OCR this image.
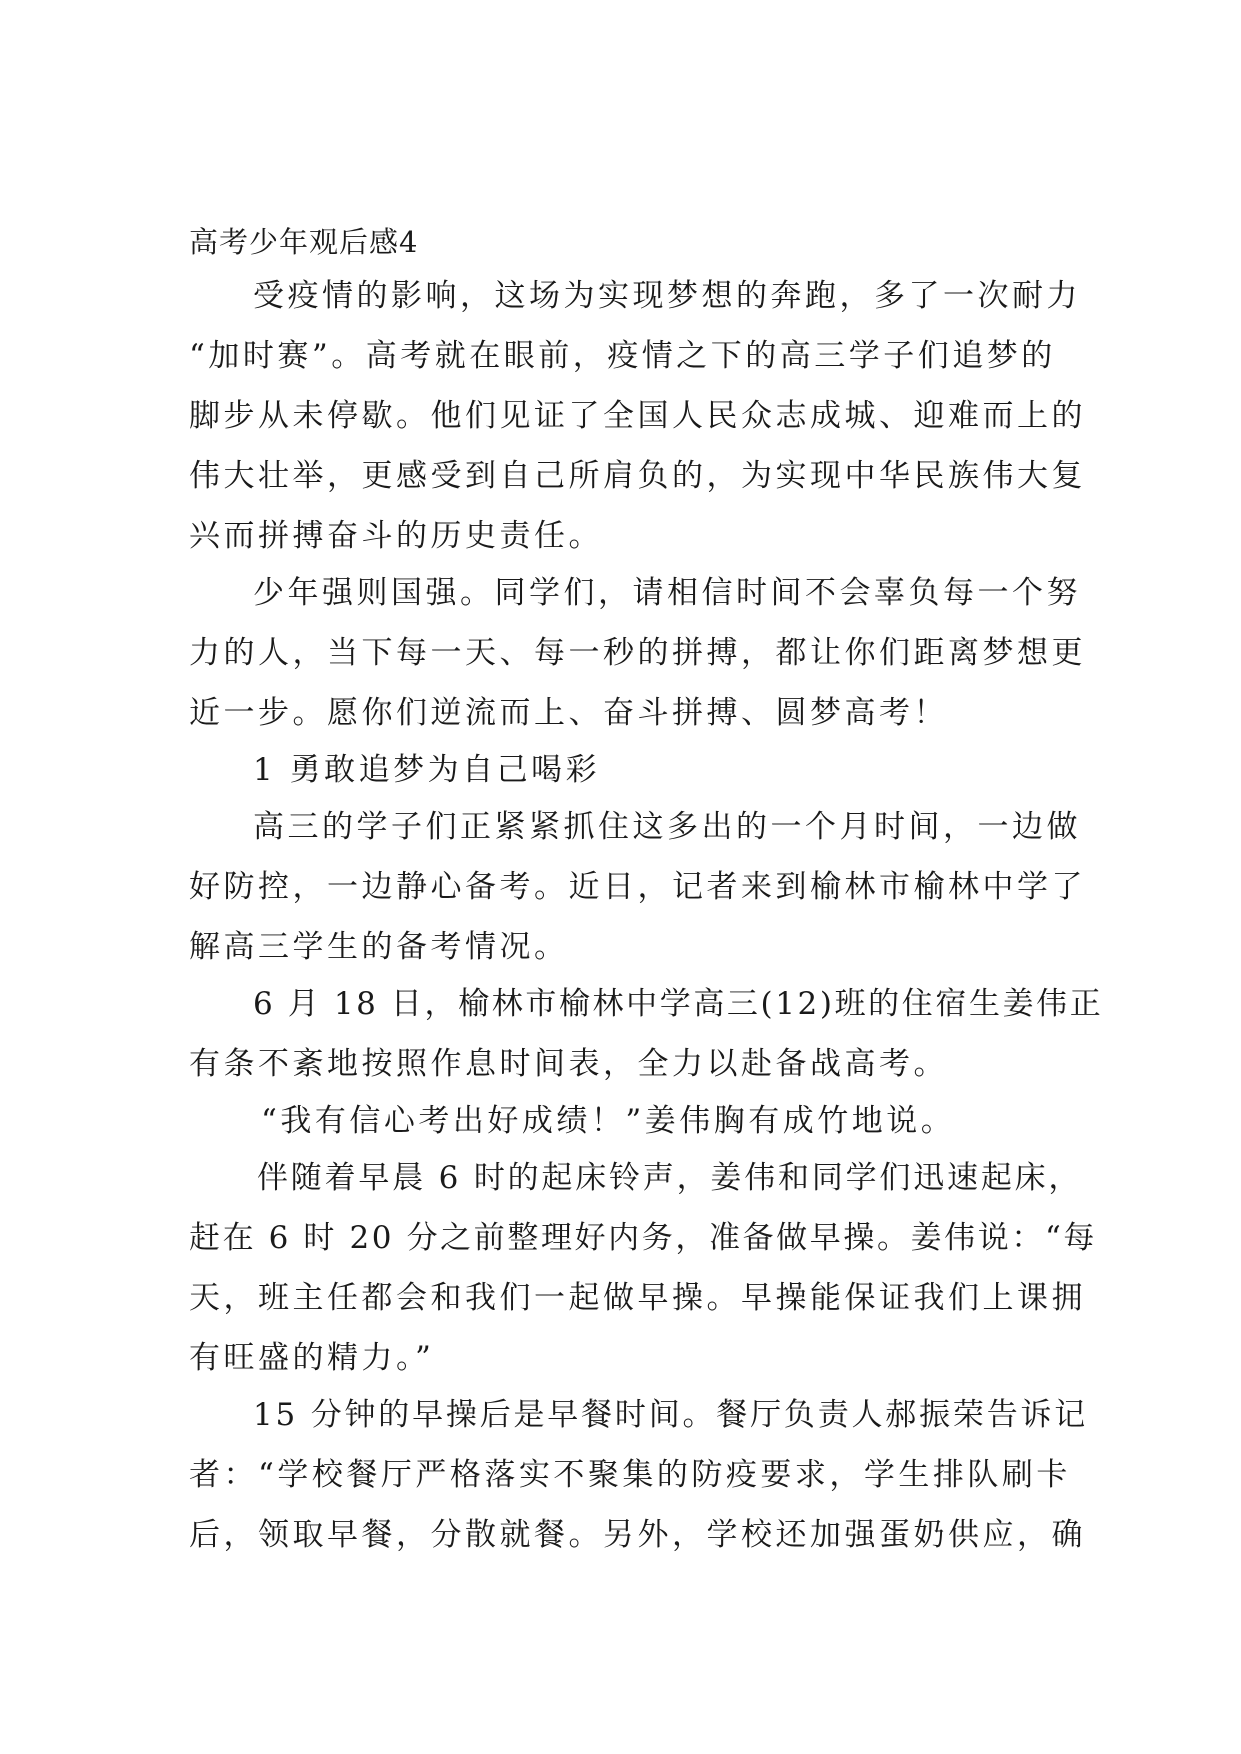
高考少年观后感4
受疫情的影响，这场为实现梦想的奔跑，多了一次耐力
“加时赛”。高考就在眼前，疫情之下的高三学子们追梦的
脚步从未停歇。他们见证了全国人民众志成城、迎难而上的
伟大壮举，更感受到自己所肩负的，为实现中华民族伟大复
兴而拼搏奋斗的历史责任。
少年强则国强。同学们，请相信时间不会辜负每一个努
力的人，当下每一天、每一秒的拼搏，都让你们距离梦想更
近一步。愿你们逆流而上、奋斗拼搏、圆梦高考！
1 勇敢追梦为自己喝彩
高三的学子们正紧紧抓住这多出的一个月时间，一边做
好防控，一边静心备考。近日，记者来到榆林市榆林中学了
解高三学生的备考情况。
6 月 18 日，榆林市榆林中学高三(12)班的住宿生姜伟正
有条不紊地按照作息时间表，全力以赴备战高考。
“我有信心考出好成绩！”姜伟胸有成竹地说。
伴随着早晨 6 时的起床铃声，姜伟和同学们迅速起床，
赶在 6 时 20 分之前整理好内务，准备做早操。姜伟说：“每
天，班主任都会和我们一起做早操。早操能保证我们上课拥
有旺盛的精力。”
15 分钟的早操后是早餐时间。餐厅负责人郝振荣告诉记
者：“学校餐厅严格落实不聚集的防疫要求，学生排队刷卡
后，领取早餐，分散就餐。另外，学校还加强蛋奶供应，确
